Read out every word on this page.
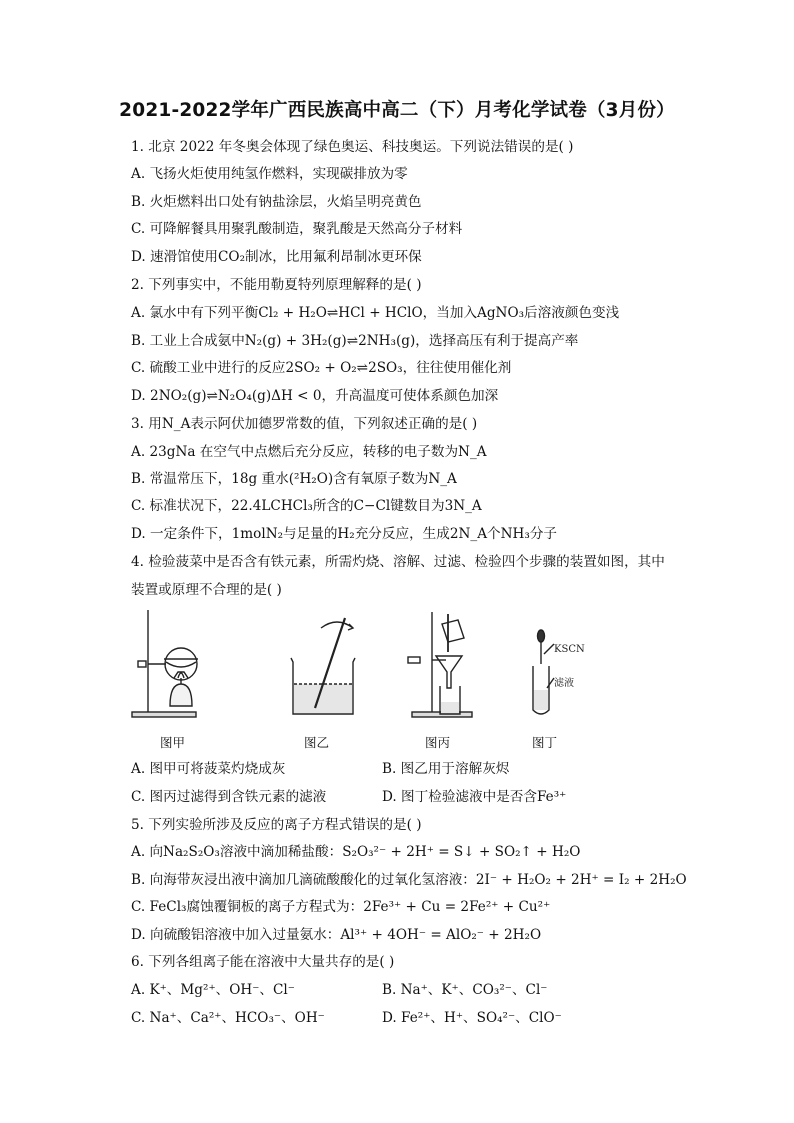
2021-2022学年广西民族高中高二（下）月考化学试卷（3月份）
1. 北京 2022 年冬奥会体现了绿色奥运、科技奥运。下列说法错误的是( )
A. 飞扬火炬使用纯氢作燃料，实现碳排放为零
B. 火炬燃料出口处有钠盐涂层，火焰呈明亮黄色
C. 可降解餐具用聚乳酸制造，聚乳酸是天然高分子材料
D. 速滑馆使用CO₂制冰，比用氟利昂制冰更环保
2. 下列事实中，不能用勒夏特列原理解释的是( )
A. 氯水中有下列平衡Cl₂ + H₂O⇌HCl + HClO，当加入AgNO₃后溶液颜色变浅
B. 工业上合成氨中N₂(g) + 3H₂(g)⇌2NH₃(g)，选择高压有利于提高产率
C. 硫酸工业中进行的反应2SO₂ + O₂⇌2SO₃，往往使用催化剂
D. 2NO₂(g)⇌N₂O₄(g)ΔH < 0，升高温度可使体系颜色加深
3. 用N_A表示阿伏加德罗常数的值，下列叙述正确的是( )
A. 23gNa 在空气中点燃后充分反应，转移的电子数为N_A
B. 常温常压下，18g 重水(²H₂O)含有氧原子数为N_A
C. 标准状况下，22.4LCHCl₃所含的C−Cl键数目为3N_A
D. 一定条件下，1molN₂与足量的H₂充分反应，生成2N_A个NH₃分子
4. 检验菠菜中是否含有铁元素，所需灼烧、溶解、过滤、检验四个步骤的装置如图，其中
装置或原理不合理的是( )
KSCN
滤液
图甲	图乙	图丙	图丁
A. 图甲可将菠菜灼烧成灰	B. 图乙用于溶解灰烬
C. 图丙过滤得到含铁元素的滤液	D. 图丁检验滤液中是否含Fe³⁺
5. 下列实验所涉及反应的离子方程式错误的是( )
A. 向Na₂S₂O₃溶液中滴加稀盐酸：S₂O₃²⁻ + 2H⁺ = S↓ + SO₂↑ + H₂O
B. 向海带灰浸出液中滴加几滴硫酸酸化的过氧化氢溶液：2I⁻ + H₂O₂ + 2H⁺ = I₂ + 2H₂O
C. FeCl₃腐蚀覆铜板的离子方程式为：2Fe³⁺ + Cu = 2Fe²⁺ + Cu²⁺
D. 向硫酸铝溶液中加入过量氨水：Al³⁺ + 4OH⁻ = AlO₂⁻ + 2H₂O
6. 下列各组离子能在溶液中大量共存的是( )
A. K⁺、Mg²⁺、OH⁻、Cl⁻	B. Na⁺、K⁺、CO₃²⁻、Cl⁻
C. Na⁺、Ca²⁺、HCO₃⁻、OH⁻	D. Fe²⁺、H⁺、SO₄²⁻、ClO⁻
